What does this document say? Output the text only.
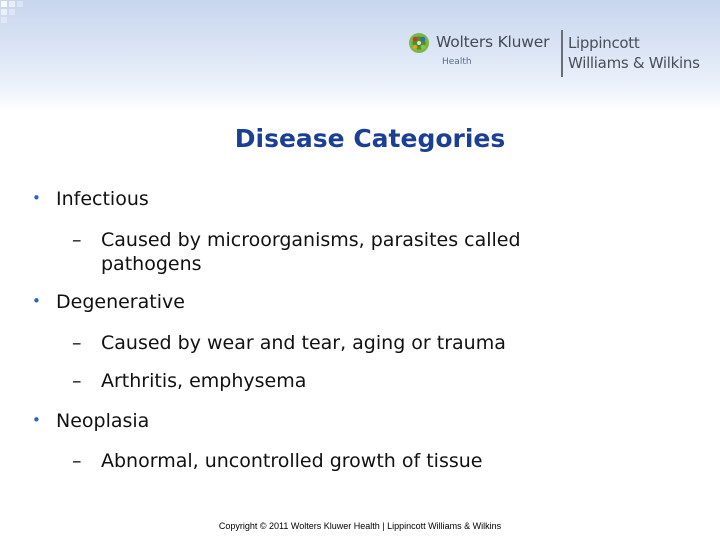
Wolters Kluwer
Health
Lippincott
Williams & Wilkins
Disease Categories
• Infectious
– Caused by microorganisms, parasites called
pathogens
• Degenerative
– Caused by wear and tear, aging or trauma
– Arthritis, emphysema
• Neoplasia
– Abnormal, uncontrolled growth of tissue
Copyright © 2011 Wolters Kluwer Health | Lippincott Williams & Wilkins
